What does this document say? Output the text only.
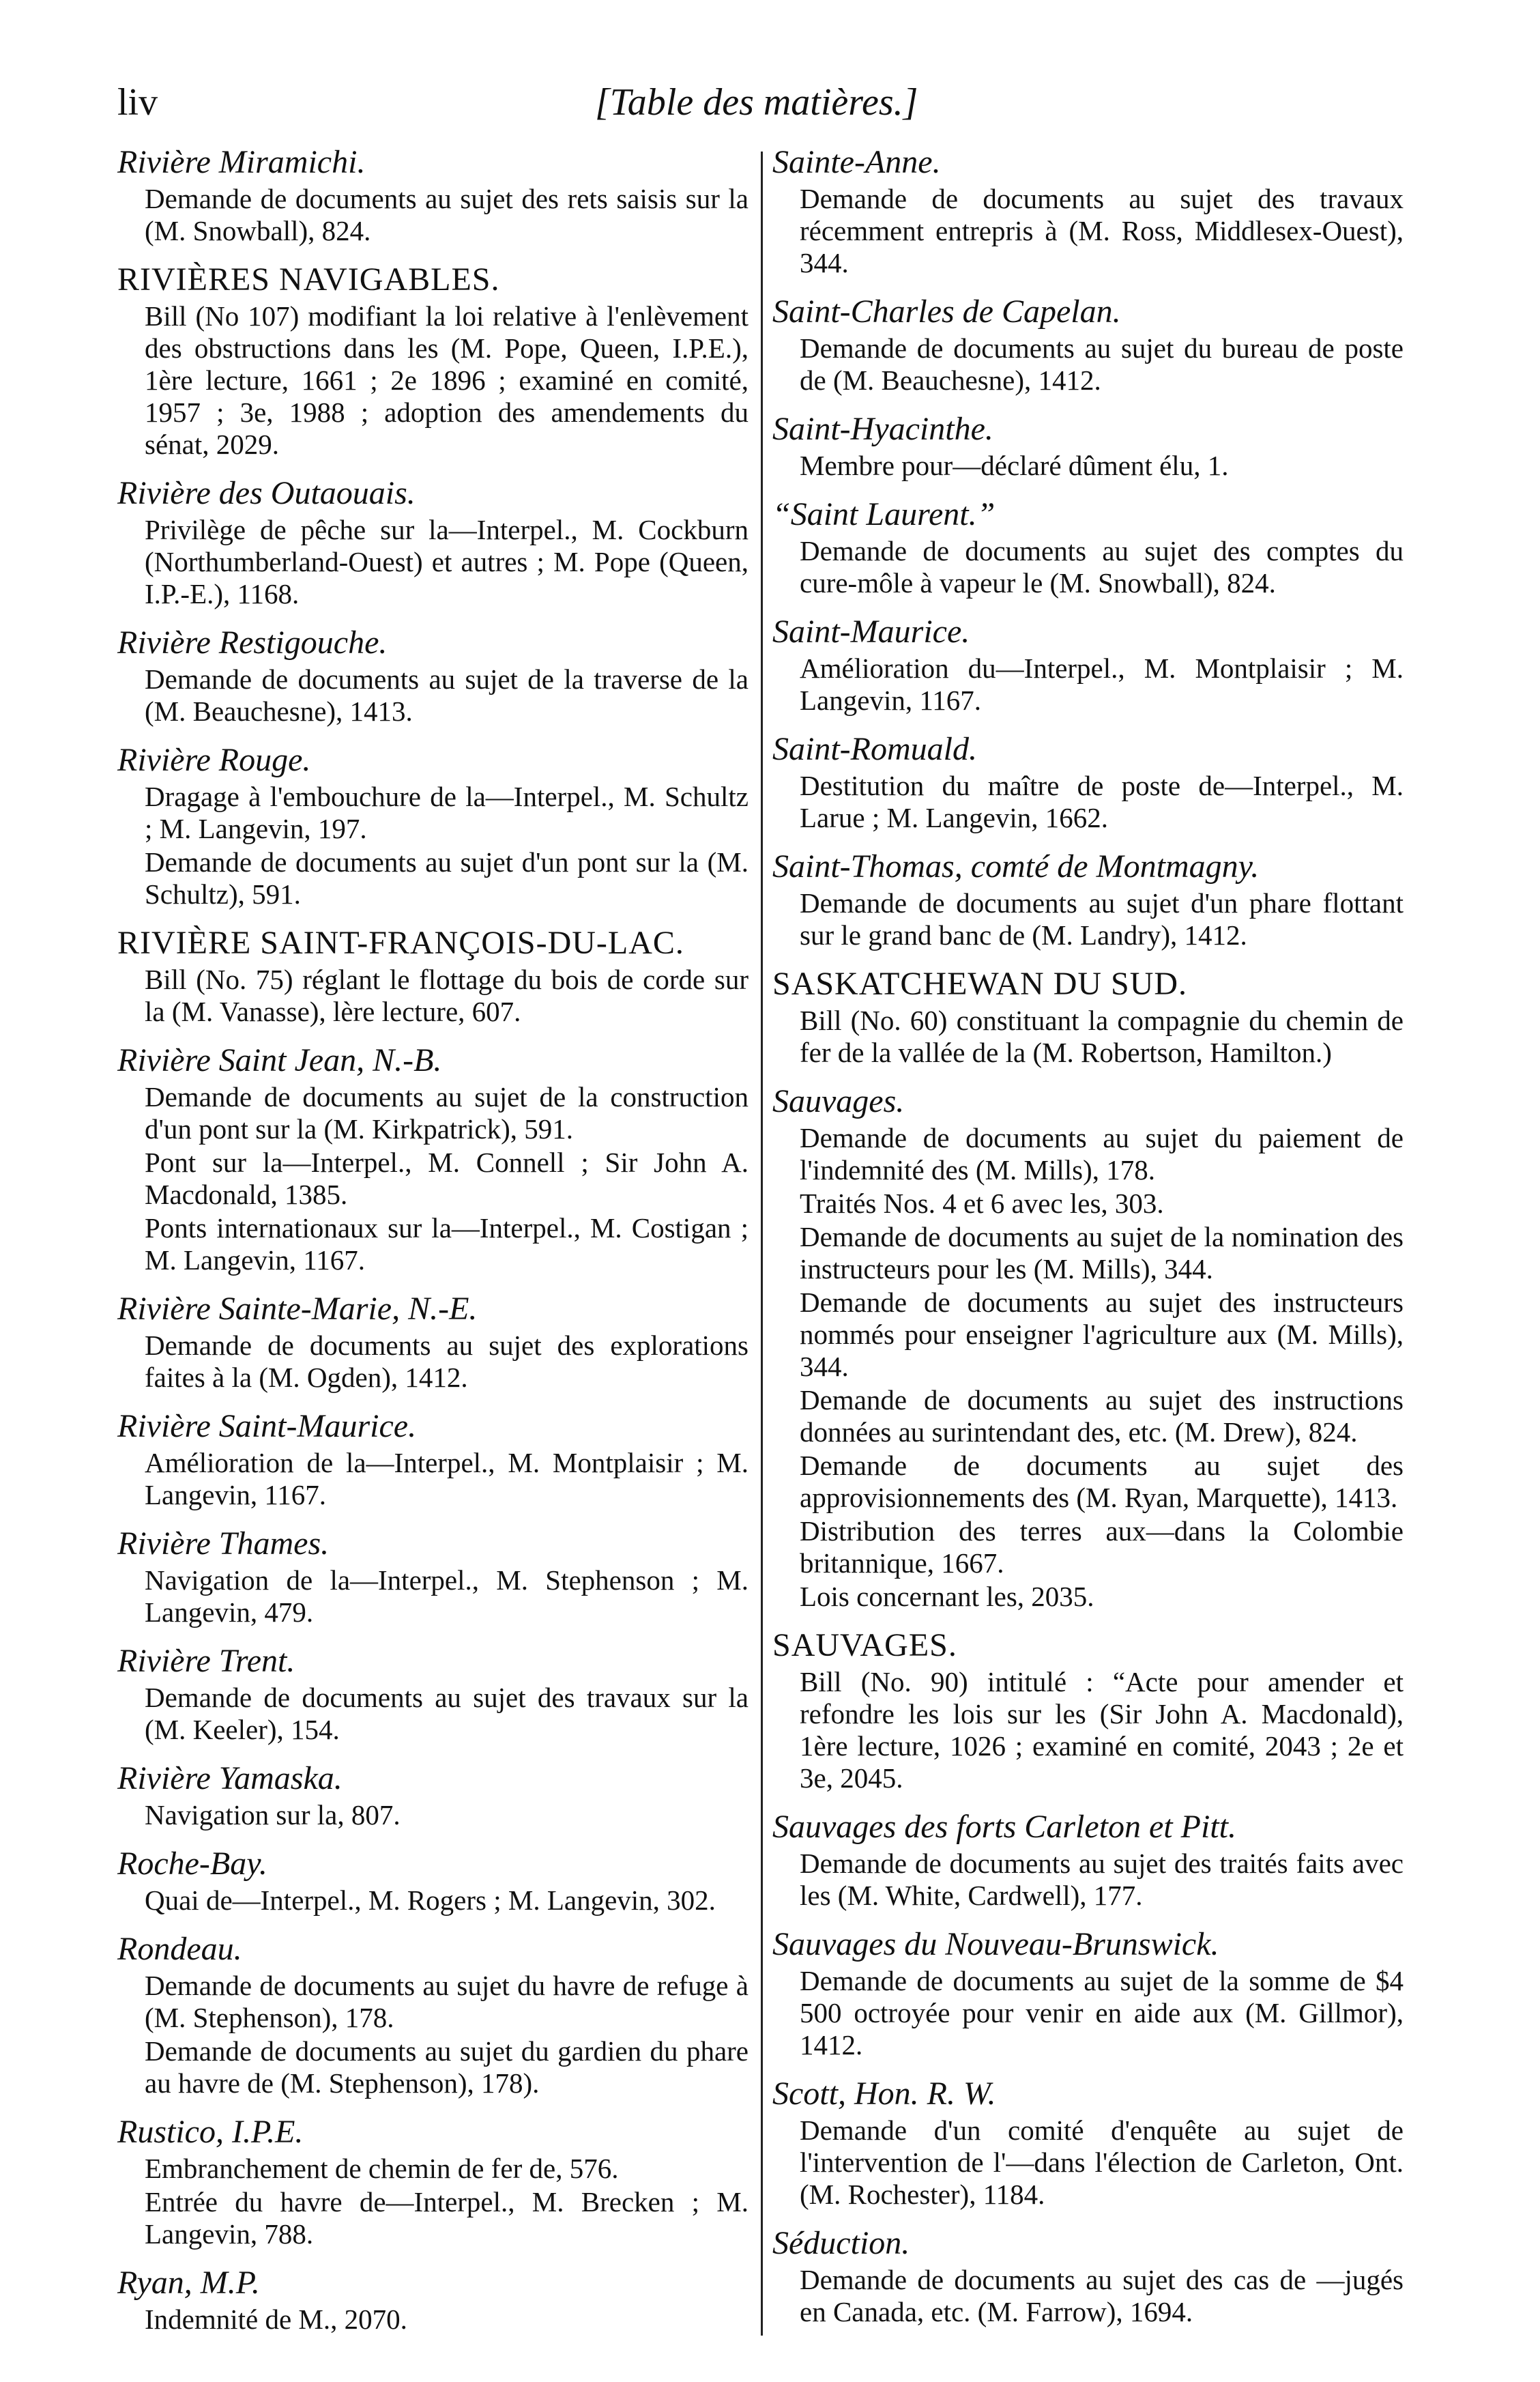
liv	[Table des matières.]
Rivière Miramichi.
Demande de documents au sujet des rets saisis sur la (M. Snowball), 824.
RIVIÈRES NAVIGABLES.
Bill (No 107) modifiant la loi relative à l'enlèvement des obstructions dans les (M. Pope, Queen, I.P.E.), 1ère lecture, 1661 ; 2e 1896 ; examiné en comité, 1957 ; 3e, 1988 ; adoption des amendements du sénat, 2029.
Rivière des Outaouais.
Privilège de pêche sur la—Interpel., M. Cockburn (Northumberland-Ouest) et autres ; M. Pope (Queen, I.P.-E.), 1168.
Rivière Restigouche.
Demande de documents au sujet de la traverse de la (M. Beauchesne), 1413.
Rivière Rouge.
Dragage à l'embouchure de la—Interpel., M. Schultz ; M. Langevin, 197.
Demande de documents au sujet d'un pont sur la (M. Schultz), 591.
RIVIÈRE SAINT-FRANÇOIS-DU-LAC.
Bill (No. 75) réglant le flottage du bois de corde sur la (M. Vanasse), lère lecture, 607.
Rivière Saint Jean, N.-B.
Demande de documents au sujet de la construction d'un pont sur la (M. Kirkpatrick), 591.
Pont sur la—Interpel., M. Connell ; Sir John A. Macdonald, 1385.
Ponts internationaux sur la—Interpel., M. Costigan ; M. Langevin, 1167.
Rivière Sainte-Marie, N.-E.
Demande de documents au sujet des explorations faites à la (M. Ogden), 1412.
Rivière Saint-Maurice.
Amélioration de la—Interpel., M. Montplaisir ; M. Langevin, 1167.
Rivière Thames.
Navigation de la—Interpel., M. Stephenson ; M. Langevin, 479.
Rivière Trent.
Demande de documents au sujet des travaux sur la (M. Keeler), 154.
Rivière Yamaska.
Navigation sur la, 807.
Roche-Bay.
Quai de—Interpel., M. Rogers ; M. Langevin, 302.
Rondeau.
Demande de documents au sujet du havre de refuge à (M. Stephenson), 178.
Demande de documents au sujet du gardien du phare au havre de (M. Stephenson), 178).
Rustico, I.P.E.
Embranchement de chemin de fer de, 576.
Entrée du havre de—Interpel., M. Brecken ; M. Langevin, 788.
Ryan, M.P.
Indemnité de M., 2070.
Sainte-Anne.
Demande de documents au sujet des travaux récemment entrepris à (M. Ross, Middlesex-Ouest), 344.
Saint-Charles de Capelan.
Demande de documents au sujet du bureau de poste de (M. Beauchesne), 1412.
Saint-Hyacinthe.
Membre pour—déclaré dûment élu, 1.
“Saint Laurent.”
Demande de documents au sujet des comptes du cure-môle à vapeur le (M. Snowball), 824.
Saint-Maurice.
Amélioration du—Interpel., M. Montplaisir ; M. Langevin, 1167.
Saint-Romuald.
Destitution du maître de poste de—Interpel., M. Larue ; M. Langevin, 1662.
Saint-Thomas, comté de Montmagny.
Demande de documents au sujet d'un phare flottant sur le grand banc de (M. Landry), 1412.
SASKATCHEWAN DU SUD.
Bill (No. 60) constituant la compagnie du chemin de fer de la vallée de la (M. Robertson, Hamilton.)
Sauvages.
Demande de documents au sujet du paiement de l'indemnité des (M. Mills), 178.
Traités Nos. 4 et 6 avec les, 303.
Demande de documents au sujet de la nomination des instructeurs pour les (M. Mills), 344.
Demande de documents au sujet des instructeurs nommés pour enseigner l'agriculture aux (M. Mills), 344.
Demande de documents au sujet des instructions données au surintendant des, etc. (M. Drew), 824.
Demande de documents au sujet des approvisionnements des (M. Ryan, Marquette), 1413.
Distribution des terres aux—dans la Colombie britannique, 1667.
Lois concernant les, 2035.
SAUVAGES.
Bill (No. 90) intitulé : “Acte pour amender et refondre les lois sur les (Sir John A. Macdonald), 1ère lecture, 1026 ; examiné en comité, 2043 ; 2e et 3e, 2045.
Sauvages des forts Carleton et Pitt.
Demande de documents au sujet des traités faits avec les (M. White, Cardwell), 177.
Sauvages du Nouveau-Brunswick.
Demande de documents au sujet de la somme de $4 500 octroyée pour venir en aide aux (M. Gillmor), 1412.
Scott, Hon. R. W.
Demande d'un comité d'enquête au sujet de l'intervention de l'—dans l'élection de Carleton, Ont. (M. Rochester), 1184.
Séduction.
Demande de documents au sujet des cas de —jugés en Canada, etc. (M. Farrow), 1694.
